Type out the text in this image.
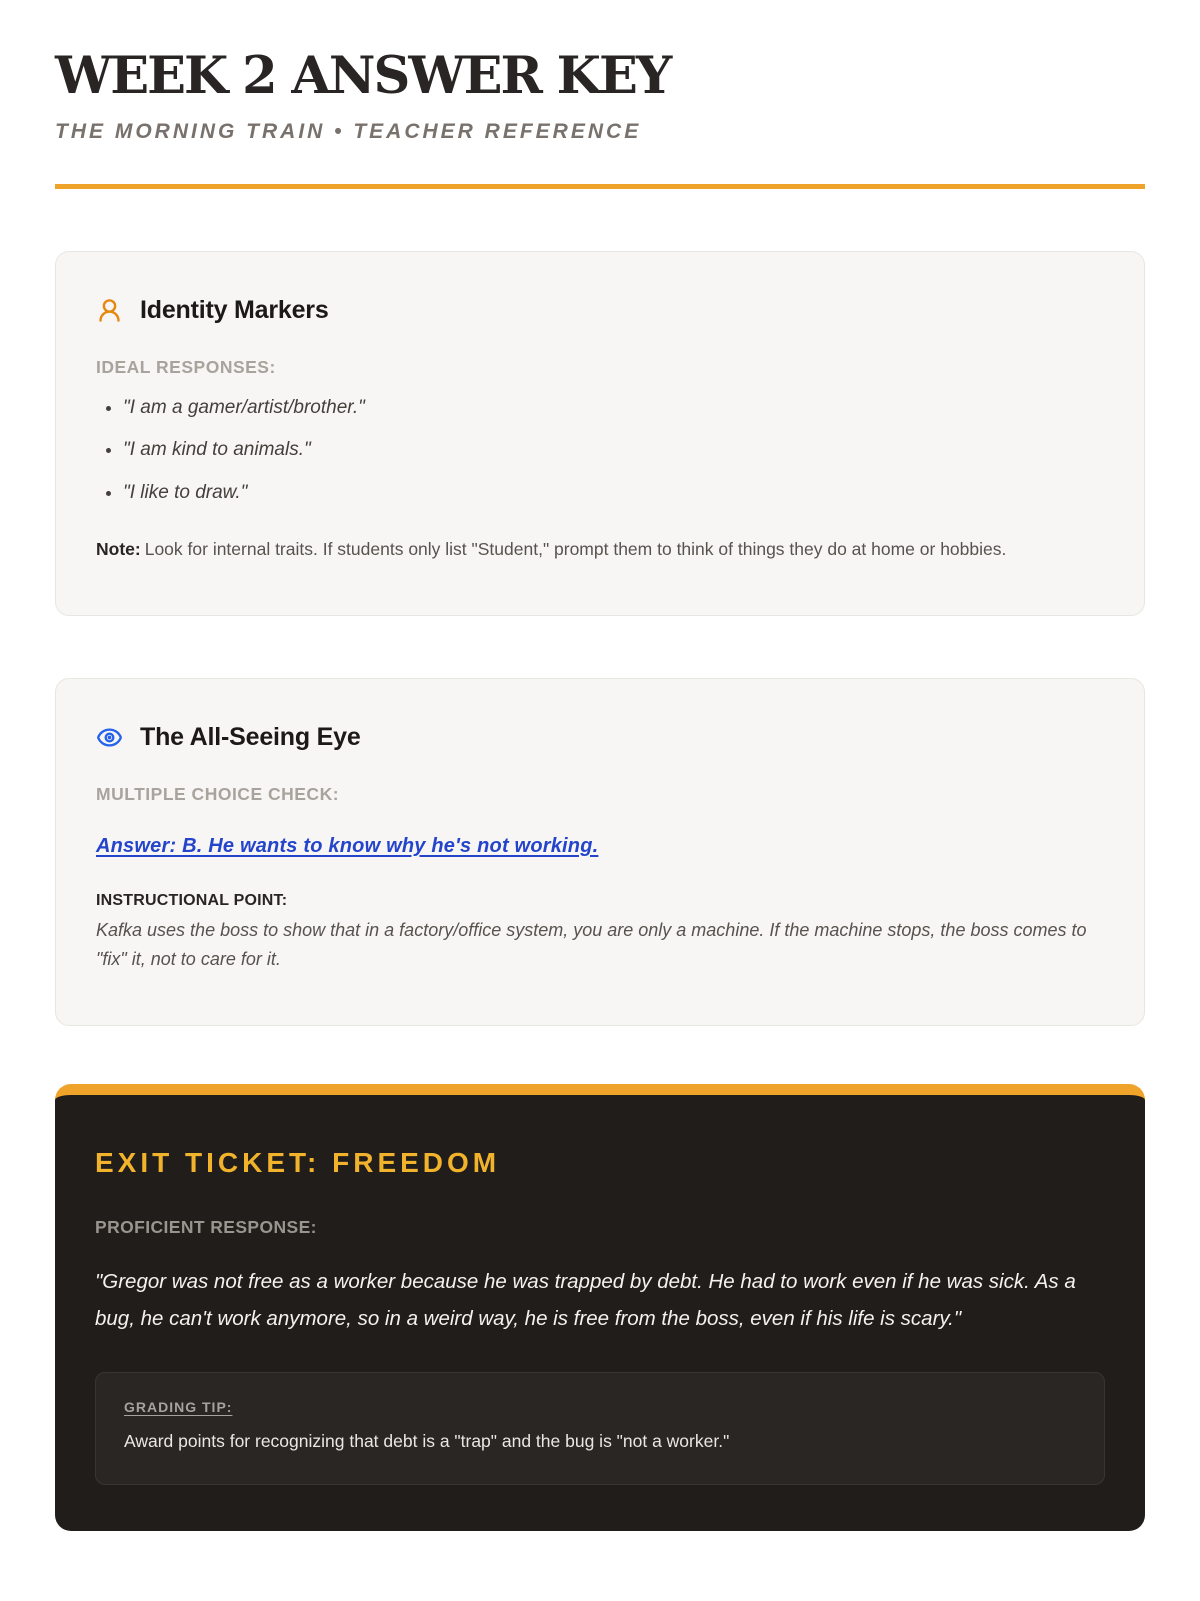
WEEK 2 ANSWER KEY
THE MORNING TRAIN • TEACHER REFERENCE
Identity Markers
IDEAL RESPONSES:
• "I am a gamer/artist/brother."
• "I am kind to animals."
• "I like to draw."

Note: Look for internal traits. If students only list "Student," prompt them to think of things they do at home or hobbies.

The All-Seeing Eye
MULTIPLE CHOICE CHECK:
Answer: B. He wants to know why he's not working.
INSTRUCTIONAL POINT:

Kafka uses the boss to show that in a factory/office system, you are only a machine. If the machine stops, the boss comes to "fix" it, not to care for it.

EXIT TICKET: FREEDOM
PROFICIENT RESPONSE:

"Gregor was not free as a worker because he was trapped by debt. He had to work even if he was sick. As a bug, he can't work anymore, so in a weird way, he is free from the boss, even if his life is scary."

GRADING TIP:

Award points for recognizing that debt is a "trap" and the bug is "not a worker."
